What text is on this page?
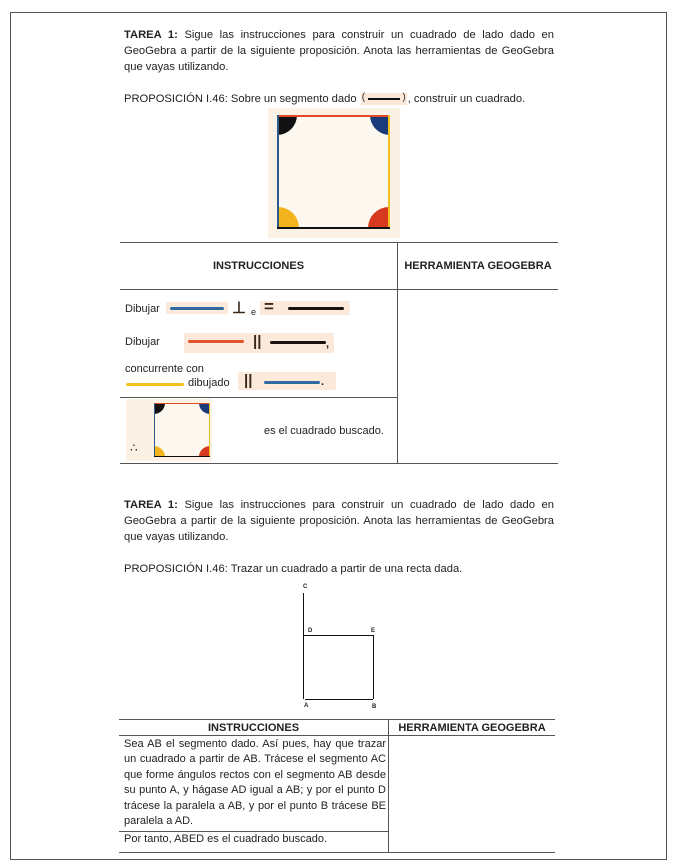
TAREA 1: Sigue las instrucciones para construir un cuadrado de lado dado en GeoGebra a partir de la siguiente proposición. Anota las herramientas de GeoGebra que vayas utilizando.
PROPOSICIÓN I.46: Sobre un segmento dado (	) , construir un cuadrado.
INSTRUCCIONES	HERRAMIENTA GEOGEBRA
Dibujar	⊥ e =
Dibujar	||	,
concurrente con
dibujado ||	.
∴
es el cuadrado buscado.
TAREA 1: Sigue las instrucciones para construir un cuadrado de lado dado en GeoGebra a partir de la siguiente proposición. Anota las herramientas de GeoGebra que vayas utilizando.
PROPOSICIÓN I.46: Trazar un cuadrado a partir de una recta dada.
C
D	E
A	B
INSTRUCCIONES	HERRAMIENTA GEOGEBRA
Sea AB el segmento dado. Así pues, hay que trazar un cuadrado a partir de AB. Trácese el segmento AC que forme ángulos rectos con el segmento AB desde su punto A, y hágase AD igual a AB; y por el punto D trácese la paralela a AB, y por el punto B trácese BE paralela a AD.
Por tanto, ABED es el cuadrado buscado.
